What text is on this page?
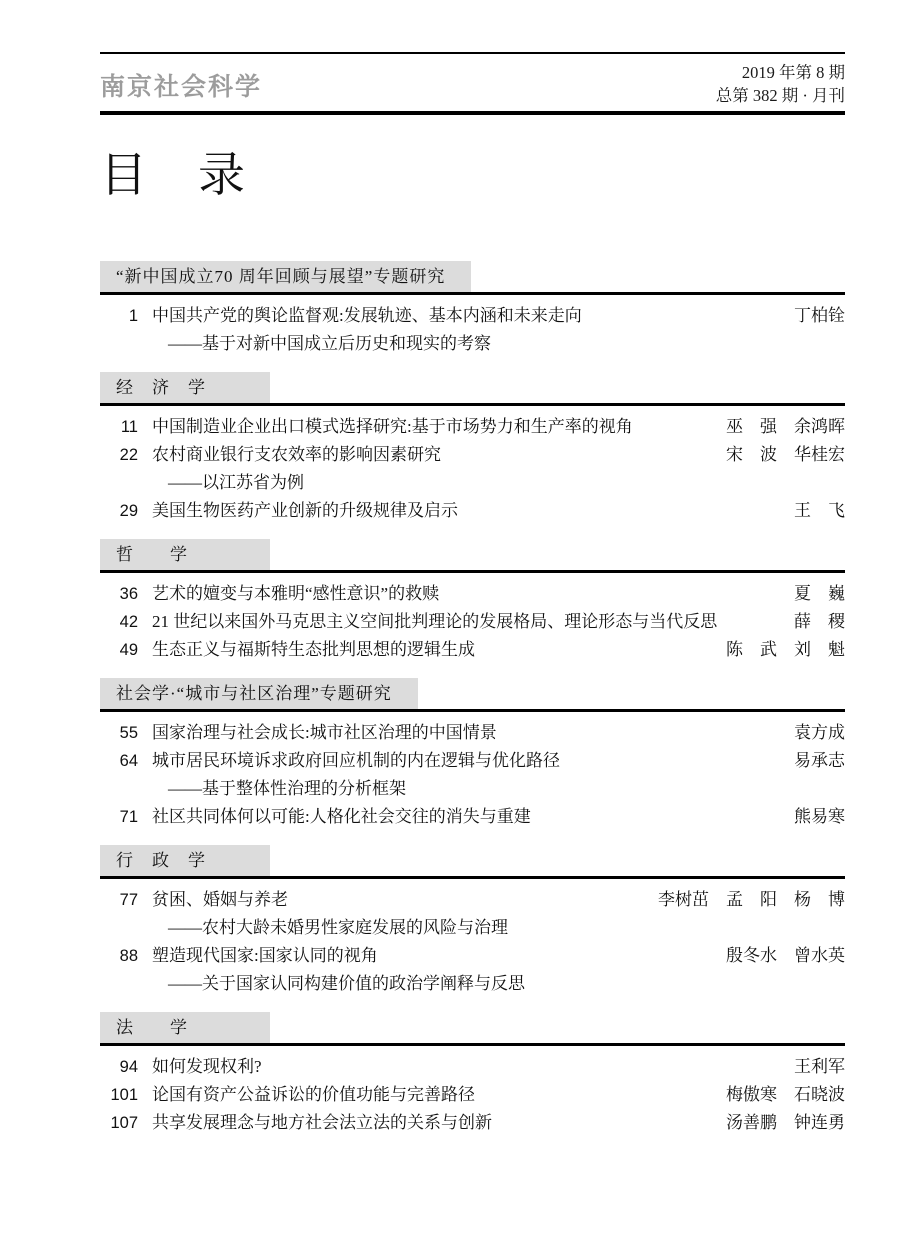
南京社会科学
2019 年第 8 期
总第 382 期 · 月刊
目　录
“新中国成立70 周年回顾与展望”专题研究
1 中国共产党的舆论监督观:发展轨迹、基本内涵和未来走向	丁柏铨
——基于对新中国成立后历史和现实的考察
经　济　学
11 中国制造业企业出口模式选择研究:基于市场势力和生产率的视角	巫　强　余鸿晖
22 农村商业银行支农效率的影响因素研究	宋　波　华桂宏
——以江苏省为例
29 美国生物医药产业创新的升级规律及启示	王　飞
哲　　学
36 艺术的嬗变与本雅明“感性意识”的救赎	夏　巍
42 21 世纪以来国外马克思主义空间批判理论的发展格局、理论形态与当代反思	薛　稷
49 生态正义与福斯特生态批判思想的逻辑生成	陈　武　刘　魁
社会学·“城市与社区治理”专题研究
55 国家治理与社会成长:城市社区治理的中国情景	袁方成
64 城市居民环境诉求政府回应机制的内在逻辑与优化路径	易承志
——基于整体性治理的分析框架
71 社区共同体何以可能:人格化社会交往的消失与重建	熊易寒
行　政　学
77 贫困、婚姻与养老	李树茁　孟　阳　杨　博
——农村大龄未婚男性家庭发展的风险与治理
88 塑造现代国家:国家认同的视角	殷冬水　曾水英
——关于国家认同构建价值的政治学阐释与反思
法　　学
94 如何发现权利?	王利军
101 论国有资产公益诉讼的价值功能与完善路径	梅傲寒　石晓波
107 共享发展理念与地方社会法立法的关系与创新	汤善鹏　钟连勇
